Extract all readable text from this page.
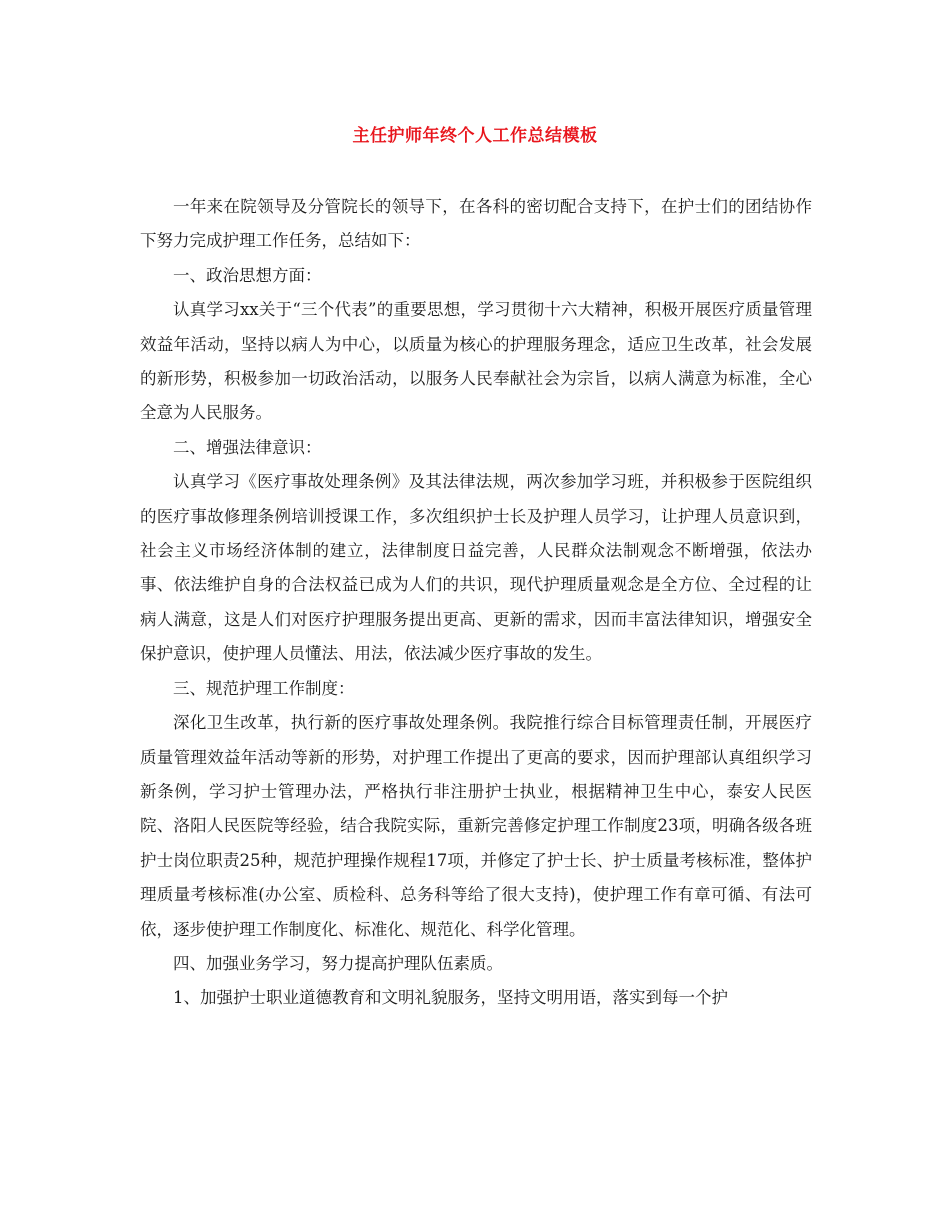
主任护师年终个人工作总结模板

一年来在院领导及分管院长的领导下，在各科的密切配合支持下，在护士们的团结协作下努力完成护理工作任务，总结如下：

一、政治思想方面：

认真学习xx关于“三个代表”的重要思想，学习贯彻十六大精神，积极开展医疗质量管理效益年活动，坚持以病人为中心，以质量为核心的护理服务理念，适应卫生改革，社会发展的新形势，积极参加一切政治活动，以服务人民奉献社会为宗旨，以病人满意为标准，全心全意为人民服务。

二、增强法律意识：

认真学习《医疗事故处理条例》及其法律法规，两次参加学习班，并积极参于医院组织的医疗事故修理条例培训授课工作，多次组织护士长及护理人员学习，让护理人员意识到，社会主义市场经济体制的建立，法律制度日益完善，人民群众法制观念不断增强，依法办事、依法维护自身的合法权益已成为人们的共识，现代护理质量观念是全方位、全过程的让病人满意，这是人们对医疗护理服务提出更高、更新的需求，因而丰富法律知识，增强安全保护意识，使护理人员懂法、用法，依法减少医疗事故的发生。

三、规范护理工作制度：

深化卫生改革，执行新的医疗事故处理条例。我院推行综合目标管理责任制，开展医疗质量管理效益年活动等新的形势，对护理工作提出了更高的要求，因而护理部认真组织学习新条例，学习护士管理办法，严格执行非注册护士执业，根据精神卫生中心，泰安人民医院、洛阳人民医院等经验，结合我院实际，重新完善修定护理工作制度23项，明确各级各班护士岗位职责25种，规范护理操作规程17项，并修定了护士长、护士质量考核标准，整体护理质量考核标准(办公室、质检科、总务科等给了很大支持)，使护理工作有章可循、有法可依，逐步使护理工作制度化、标准化、规范化、科学化管理。

四、加强业务学习，努力提高护理队伍素质。

1、加强护士职业道德教育和文明礼貌服务，坚持文明用语，落实到每一个护
